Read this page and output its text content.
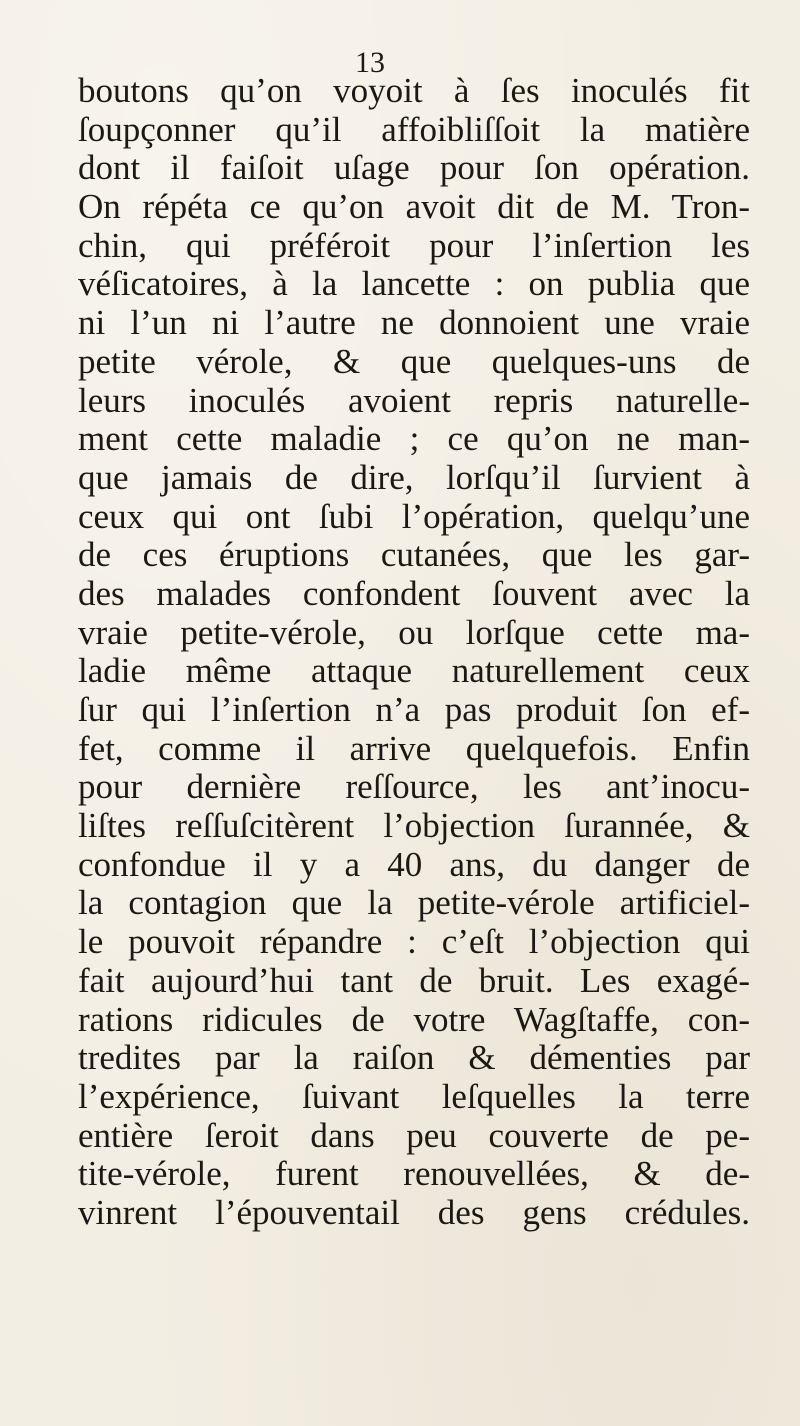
13
boutons qu’on voyoit à ſes inoculés fit
ſoupçonner qu’il affoibliſſoit la matière
dont il faiſoit uſage pour ſon opération.
On répéta ce qu’on avoit dit de M. Tron-
chin, qui préféroit pour l’inſertion les
véſicatoires, à la lancette : on publia que
ni l’un ni l’autre ne donnoient une vraie
petite vérole, & que quelques-uns de
leurs inoculés avoient repris naturelle-
ment cette maladie ; ce qu’on ne man-
que jamais de dire, lorſqu’il ſurvient à
ceux qui ont ſubi l’opération, quelqu’une
de ces éruptions cutanées, que les gar-
des malades confondent ſouvent avec la
vraie petite-vérole, ou lorſque cette ma-
ladie même attaque naturellement ceux
ſur qui l’inſertion n’a pas produit ſon ef-
fet, comme il arrive quelquefois. Enfin
pour dernière reſſource, les ant’inocu-
liſtes reſſuſcitèrent l’objection ſurannée, &
confondue il y a 40 ans, du danger de
la contagion que la petite-vérole artificiel-
le pouvoit répandre : c’eſt l’objection qui
fait aujourd’hui tant de bruit. Les exagé-
rations ridicules de votre Wagſtaffe, con-
tredites par la raiſon & démenties par
l’expérience, ſuivant leſquelles la terre
entière ſeroit dans peu couverte de pe-
tite-vérole, furent renouvellées, & de-
vinrent l’épouventail des gens crédules.
